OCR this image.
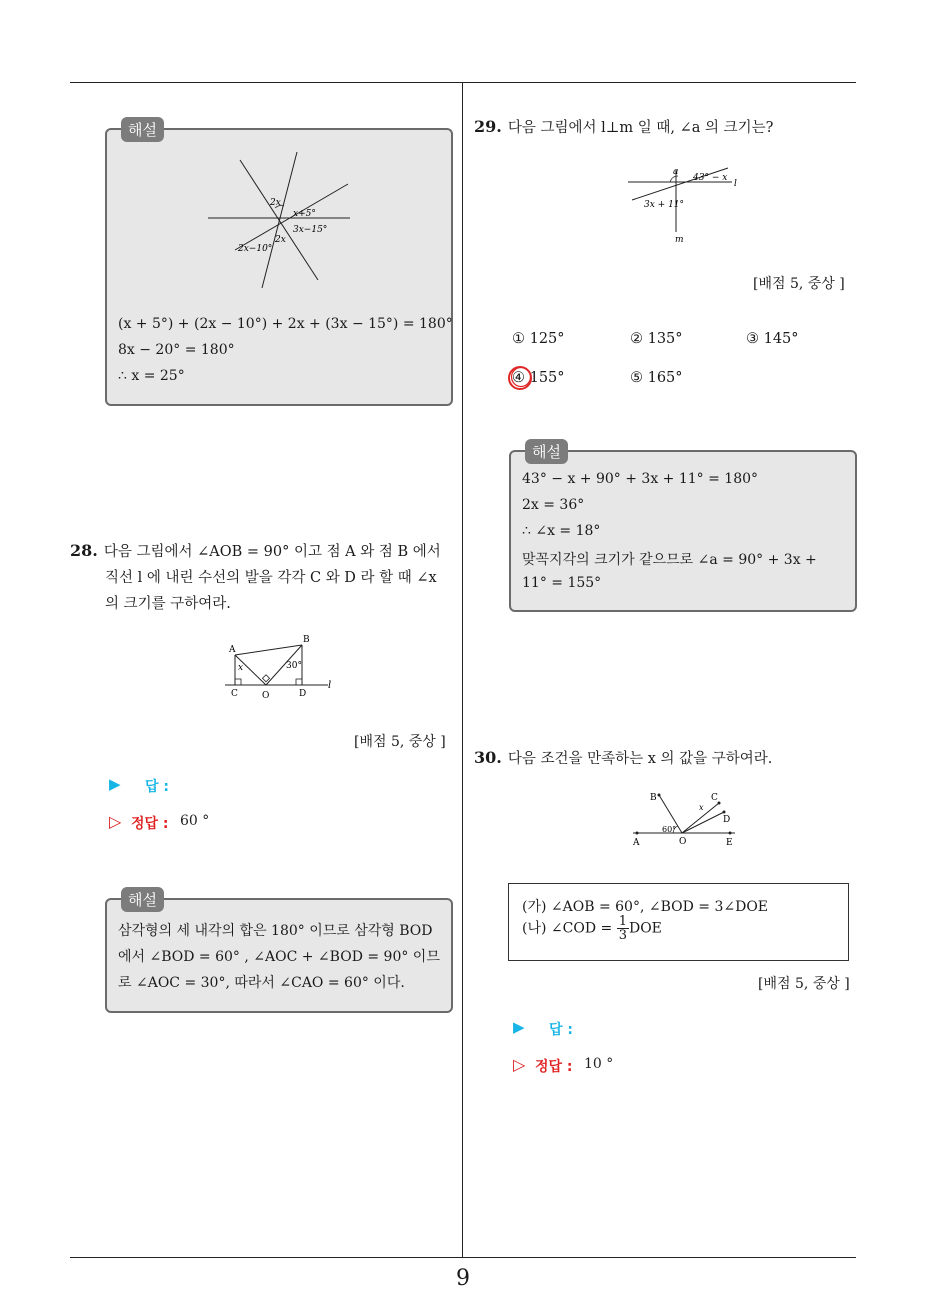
해설
2x
x+5°
3x−15°
2x
2x−10°
(x + 5°) + (2x − 10°) + 2x + (3x − 15°) = 180°
8x − 20° = 180°
∴ x = 25°
28. 다음 그림에서 ∠AOB = 90° 이고 점 A 와 점 B 에서
직선 l 에 내린 수선의 발을 각각 C 와 D 라 할 때 ∠x
의 크기를 구하여라.
A
B
C	O	D
l
x	30°
[배점 5, 중상 ]
▶ 답 :
▷ 정답 : 60 °
해설
삼각형의 세 내각의 합은 180° 이므로 삼각형 BOD
에서 ∠BOD = 60° , ∠AOC + ∠BOD = 90° 이므
로 ∠AOC = 30°, 따라서 ∠CAO = 60° 이다.
29. 다음 그림에서 l⊥m 일 때, ∠a 의 크기는?
a
43° − x
l
3x + 11°
m
[배점 5, 중상 ]
① 125°	② 135°	③ 145°
④ 155°	⑤ 165°
해설
43° − x + 90° + 3x + 11° = 180°
2x = 36°
∴ ∠x = 18°
맞꼭지각의 크기가 같으므로 ∠a = 90° + 3x +
11° = 155°
30. 다음 조건을 만족하는 x 의 값을 구하여라.
A	O	E
B	C
D
60°
x
(가) ∠AOB = 60°, ∠BOD = 3∠DOE
(나) ∠COD = $\frac{1}{3}$ DOE
[배점 5, 중상 ]
▶ 답 :
▷ 정답 : 10 °
9
